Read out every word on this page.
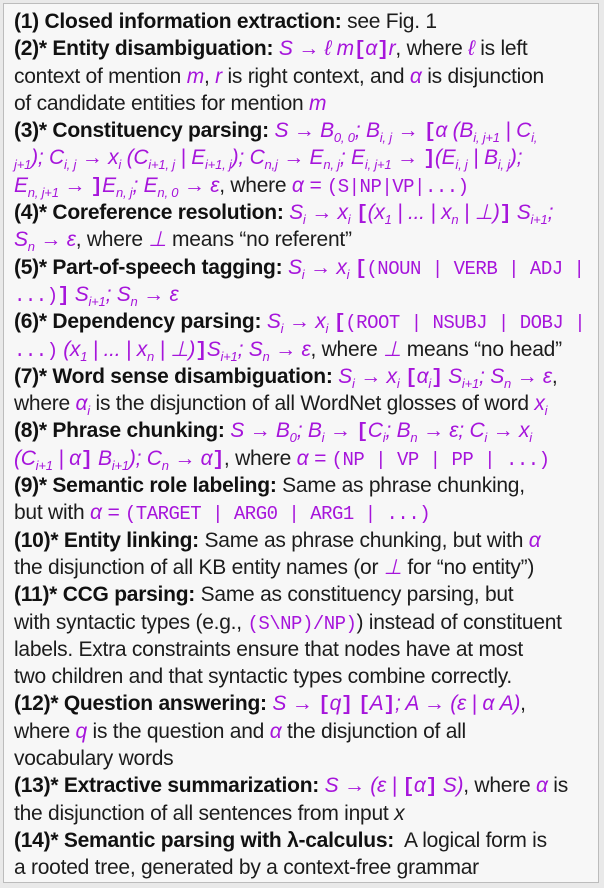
(1) Closed information extraction: see Fig. 1
(2)* Entity disambiguation: S → ℓ m[α]r, where ℓ is left
context of mention m, r is right context, and α is disjunction
of candidate entities for mention m
(3)* Constituency parsing: $S \to B_{0, 0}$; $B_{i, j} \to [\alpha$ ($B_{i, j+1}$ | $C_{i,}$
$_{j+1}$); $C_{i, j} \to x_i$ ($C_{i+1, j}$ | $E_{i+1, j}$); $C_{n,j} \to E_{n, j}$; $E_{i, j+1} \to ](E_{i, j}$ | $B_{i, j}$);
$E_{n, j+1} \to ]E_{n, j}$; $E_{n, 0} \to \varepsilon$, where α = (S|NP|VP|...)
(4)* Coreference resolution: $S_i \to x_i$ [($x_1$ | ... | $x_n$ | ⊥)] $S_{i+1}$;
$S_n \to \varepsilon$, where ⊥ means “no referent”
(5)* Part-of-speech tagging: $S_i \to x_i$ [(NOUN | VERB | ADJ |
...)] $S_{i+1}$; $S_n \to \varepsilon$
(6)* Dependency parsing: $S_i \to x_i$ [(ROOT | NSUBJ | DOBJ |
...) ($x_1$ | ... | $x_n$ | $\perp)]S_{i+1}$; $S_n \to \varepsilon$, where ⊥ means “no head”
(7)* Word sense disambiguation: $S_i \to x_i$ $[\alpha_i]$ $S_{i+1}$; $S_n \to \varepsilon$,
where $\alpha_i$ is the disjunction of all WordNet glosses of word $x_i$
(8)* Phrase chunking: $S \to B_0$; $B_i \to [C_i$; $B_n \to \varepsilon$; $C_i \to x_i$
($C_{i+1}$ | α] $B_{i+1}$); $C_n \to \alpha$], where α = (NP | VP | PP | ...)
(9)* Semantic role labeling: Same as phrase chunking,
but with α = (TARGET | ARG0 | ARG1 | ...)
(10)* Entity linking: Same as phrase chunking, but with α
the disjunction of all KB entity names (or ⊥ for “no entity”)
(11)* CCG parsing: Same as constituency parsing, but
with syntactic types (e.g., (S\NP)/NP)) instead of constituent
labels. Extra constraints ensure that nodes have at most
two children and that syntactic types combine correctly.
(12)* Question answering: S → [q] [A]; A → (ε | α A),
where q is the question and α the disjunction of all
vocabulary words
(13)* Extractive summarization: S → (ε | [α] S), where α is
the disjunction of all sentences from input x
(14)* Semantic parsing with λ-calculus:  A logical form is
a rooted tree, generated by a context-free grammar
